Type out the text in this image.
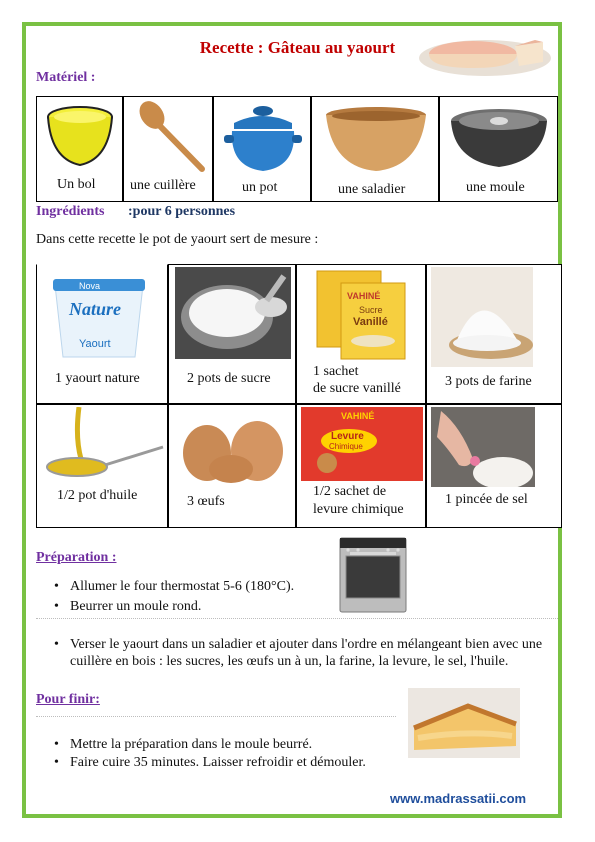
Recette : Gâteau au yaourt
Matériel :
Un bol une cuillère	un pot	une saladier	une moule
Ingrédients :pour 6 personnes
Dans cette recette le pot de yaourt sert de mesure :
Nova
Nature
Yaourt
1 yaourt nature	2 pots de sucre
VAHINÉ
Sucre
Vanillé
1 sachet
de sucre vanillé	3 pots de farine
1/2 pot d'huile	3 œufs
VAHINÉ
Levure
Chimique
1/2 sachet de
levure chimique
1 pincée de sel
Préparation :
• Allumer le four thermostat 5-6 (180°C).
• Beurrer un moule rond.
• Verser le yaourt dans un saladier et ajouter dans l'ordre en mélangeant bien avec une cuillère en bois : les sucres, les œufs un à un, la farine, la levure, le sel, l'huile.
Pour finir:
• Mettre la préparation dans le moule beurré.
• Faire cuire 35 minutes. Laisser refroidir et démouler.
www.madrassatii.com
